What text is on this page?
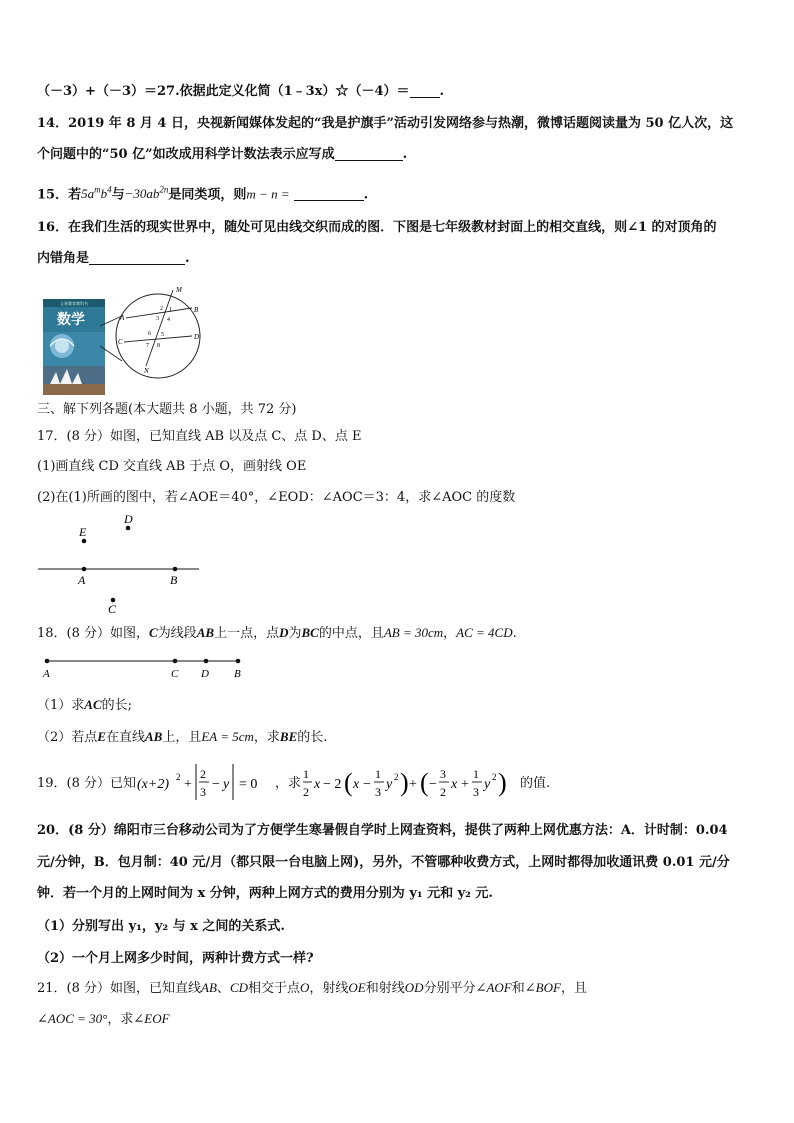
（－3）+（－3）＝27.依据此定义化简（1﹣3x）☆（－4）＝ .
14．2019 年 8 月 4 日，央视新闻媒体发起的“我是护旗手”活动引发网络参与热潮，微博话题阅读量为 50 亿人次，这
个问题中的“50 亿”如改成用科学计数法表示应写成	.
15．若$5a^mb^4$与$-30ab^{2n}$是同类项，则m − n =	.
16．在我们生活的现实世界中，随处可见由线交织而成的图．下图是七年级教材封面上的相交直线，则∠1 的对顶角的
内错角是	.
义务教育教科书
数学
M
A
B
C
D
N
1
2
3 4
5
6
7 8
三、解下列各题(本大题共 8 小题，共 72 分)
17．(8 分）如图，已知直线 AB 以及点 C、点 D、点 E
(1)画直线 CD 交直线 AB 于点 O，画射线 OE
(2)在(1)所画的图中，若∠AOE＝40°，∠EOD：∠AOC＝3：4，求∠AOC 的度数
E
D
A	B
C
18．(8 分）如图，C为线段AB上一点，点D为BC的中点，且AB = 30cm，AC = 4CD.
A	C D B
（1）求AC的长;
（2）若点E在直线AB上，且EA = 5cm，求BE的长.
19．(8 分）已知 (x+2) 2 +
2
3 − y = 0 ，求
1
2 x − 2 ( x −
1
3 y 2 ) + ( −
3
2 x +
1
3 y 2 ) 的值.
20．(8 分）绵阳市三台移动公司为了方便学生寒暑假自学时上网查资料，提供了两种上网优惠方法：A．计时制：0.04
元/分钟，B．包月制：40 元/月（都只限一台电脑上网)，另外，不管哪种收费方式，上网时都得加收通讯费 0.01 元/分
钟．若一个月的上网时间为 x 分钟，两种上网方式的费用分别为 y₁ 元和 y₂ 元.
（1）分别写出 y₁，y₂ 与 x 之间的关系式.
（2）一个月上网多少时间，两种计费方式一样?
21．(8 分）如图，已知直线AB、CD相交于点O，射线OE和射线OD分别平分∠AOF和∠BOF，且
∠AOC = 30°，求∠EOF
